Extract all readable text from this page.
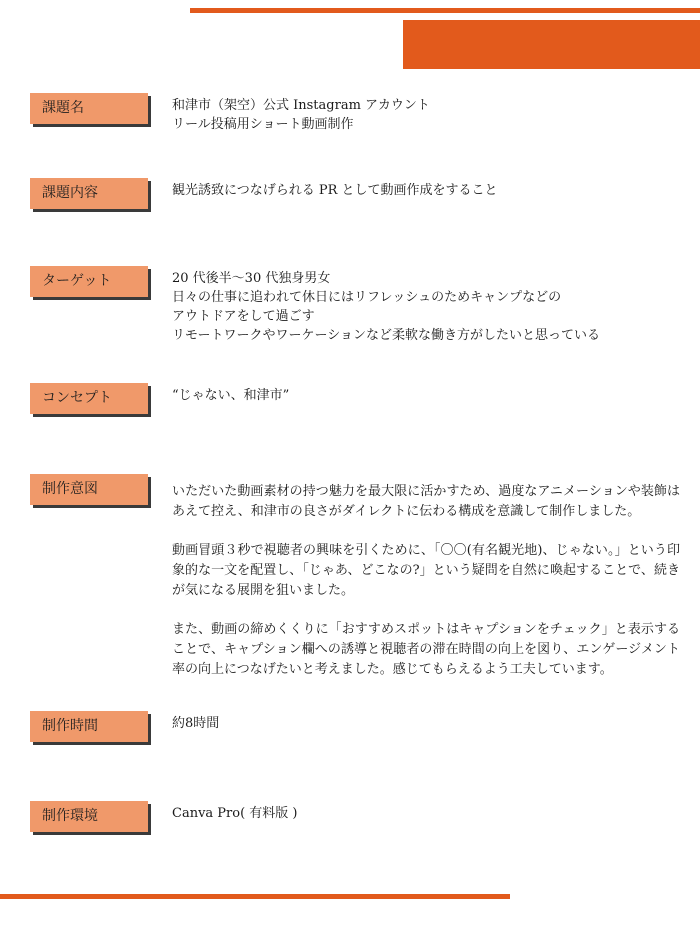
課題名	和津市（架空）公式 Instagram アカウント
リール投稿用ショート動画制作
課題内容	観光誘致につなげられる PR として動画作成をすること
ターゲット	20 代後半〜30 代独身男女
日々の仕事に追われて休日にはリフレッシュのためキャンプなどの
アウトドアをして過ごす
リモートワークやワーケーションなど柔軟な働き方がしたいと思っている
コンセプト	“じゃない、和津市”
制作意図	いただいた動画素材の持つ魅力を最大限に活かすため、過度なアニメーションや装飾はあえて控え、和津市の良さがダイレクトに伝わる構成を意識して制作しました。
動画冒頭３秒で視聴者の興味を引くために、「〇〇(有名観光地)、じゃない。」という印象的な一文を配置し、「じゃあ、どこなの?」という疑問を自然に喚起することで、続きが気になる展開を狙いました。
また、動画の締めくくりに「おすすめスポットはキャプションをチェック」と表示することで、キャプション欄への誘導と視聴者の滞在時間の向上を図り、エンゲージメント率の向上につなげたいと考えました。感じてもらえるよう工夫しています。
制作時間	約8時間
制作環境	Canva Pro( 有料版 )
